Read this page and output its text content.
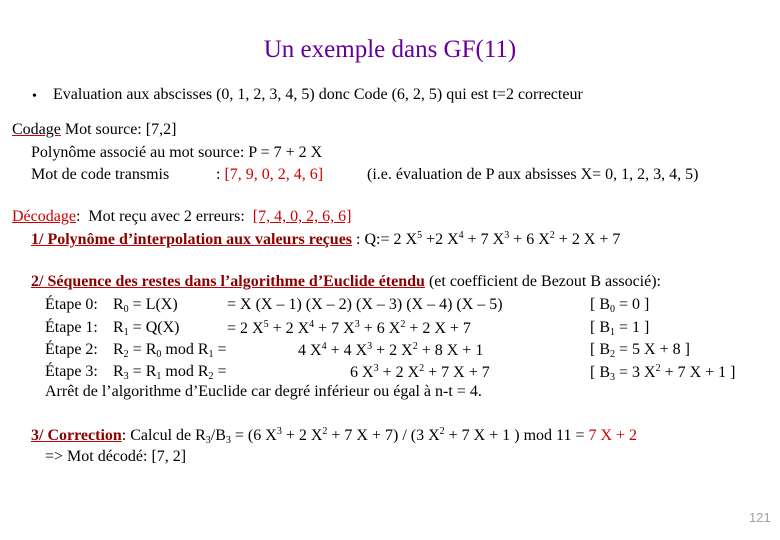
Un exemple dans GF(11)
• Evaluation aux abscisses (0, 1, 2, 3, 4, 5) donc Code (6, 2, 5) qui est t=2 correcteur
Codage Mot source: [7,2]
Polynôme associé au mot source: P = 7 + 2 X
Mot de code transmis	: [7, 9, 0, 2, 4, 6]	(i.e. évaluation de P aux absisses X= 0, 1, 2, 3, 4, 5)
Décodage: Mot reçu avec 2 erreurs: [7, 4, 0, 2, 6, 6]
1/ Polynôme d’interpolation aux valeurs reçues : Q:= 2 $X^5 +2$ $X^4 + 7$ $X^3 + 6$ $X^2 + 2$ X + 7
2/ Séquence des restes dans l’algorithme d’Euclide étendu (et coefficient de Bezout B associé):
Étape 0: $R_0 = L(X)$	= X (X – 1) (X – 2) (X – 3) (X – 4) (X – 5)	[ $B_0 = 0$ ]
Étape 1: $R_1 = Q(X)$	= 2 $X^5 + 2$ $X^4 + 7$ $X^3 + 6$ $X^2 + 2$ X + 7	[ $B_1 = 1$ ]
Étape 2: $R_2 = R_0$ mod $R_1$ =	4 $X^4 + 4$ $X^3 + 2$ $X^2 + 8$ X + 1	[ $B_2 = 5$ X + 8 ]
Étape 3: $R_3 = R_1$ mod $R_2$ =	6 $X^3 + 2$ $X^2 + 7$ X + 7	[ $B_3 = 3$ $X^2 + 7$ X + 1 ]
Arrêt de l’algorithme d’Euclide car degré inférieur ou égal à n-t = 4.
3/ Correction: Calcul de $R_3/B_3 = (6$ $X^3 + 2$ $X^2 + 7$ X + 7) / (3 $X^2 + 7$ X + 1 ) mod 11 = 7 X + 2
=> Mot décodé: [7, 2]
121
